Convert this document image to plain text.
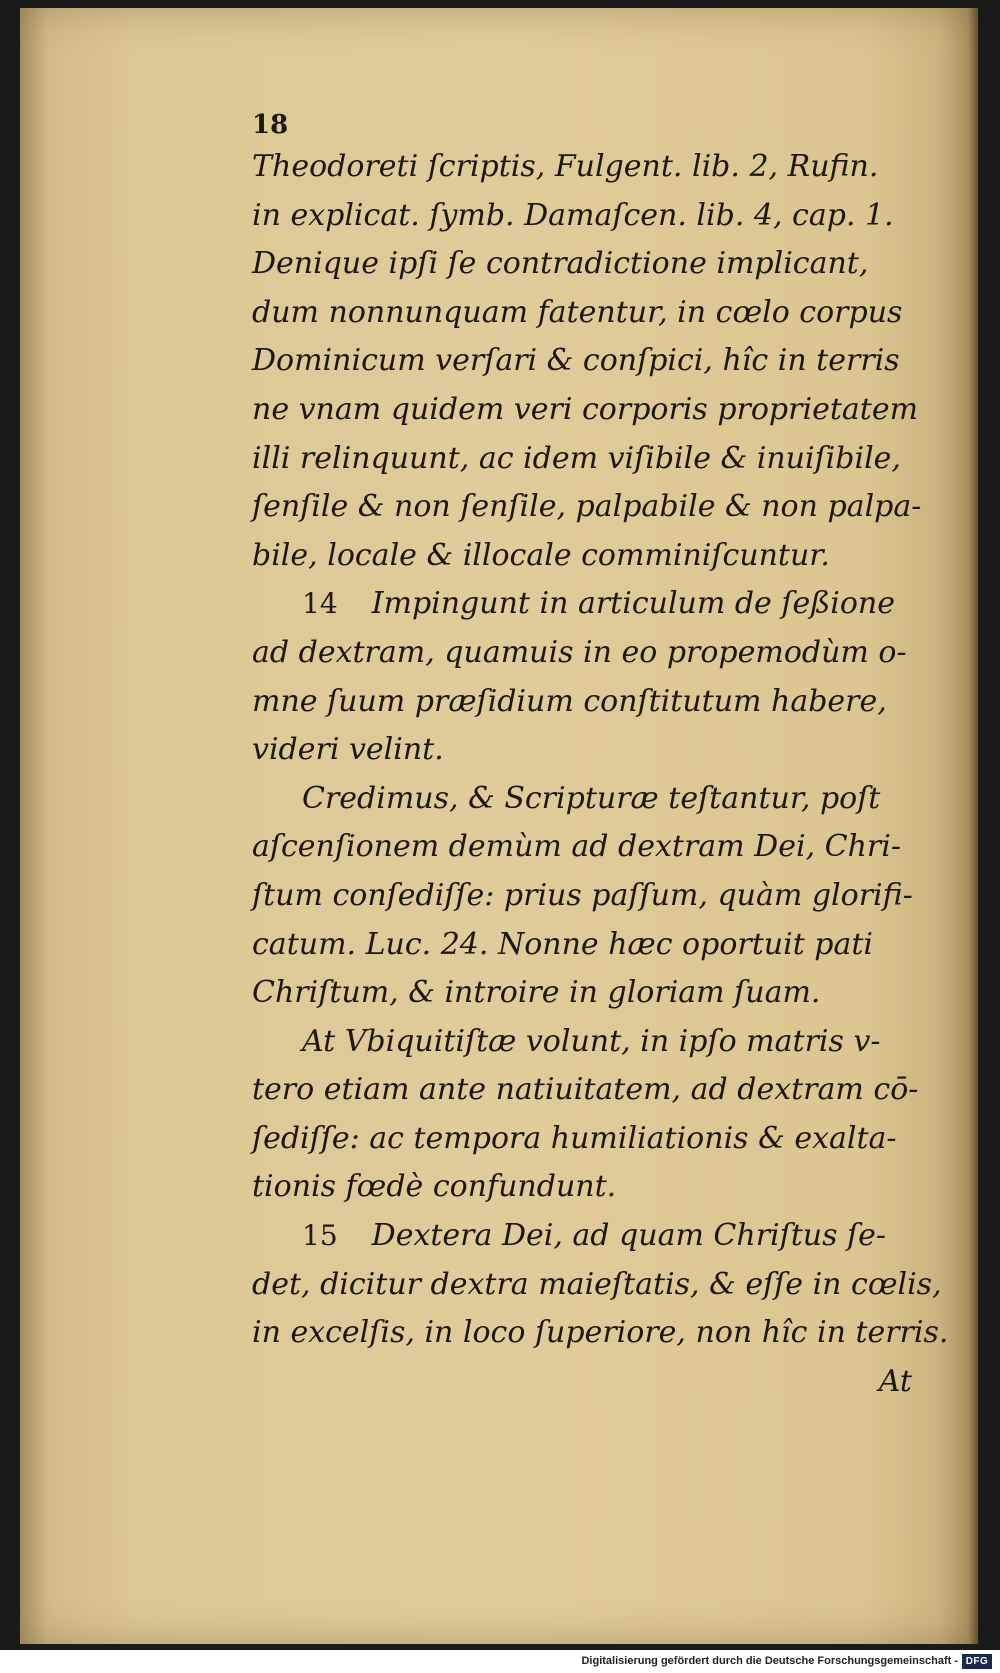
18
Theodoreti ſcriptis, Fulgent. lib. 2, Rufin.
in explicat. ſymb. Damaſcen. lib. 4, cap. 1.
Denique ipſi ſe contradictione implicant,
dum nonnunquam fatentur, in cœlo corpus
Dominicum verſari & conſpici, hîc in terris
ne vnam quidem veri corporis proprietatem
illi relinquunt, ac idem viſibile & inuiſibile,
ſenſile & non ſenſile, palpabile & non palpa-
bile, locale & illocale comminiſcuntur.
14 Impingunt in articulum de ſeßione
ad dextram, quamuis in eo propemodùm o-
mne ſuum præſidium conſtitutum habere,
videri velint.
Credimus, & Scripturæ teſtantur, poſt
aſcenſionem demùm ad dextram Dei, Chri-
ſtum conſediſſe: prius paſſum, quàm glorifi-
catum. Luc. 24. Nonne hæc oportuit pati
Chriſtum, & introire in gloriam ſuam.
At Vbiquitiſtæ volunt, in ipſo matris v-
tero etiam ante natiuitatem, ad dextram cō-
ſediſſe: ac tempora humiliationis & exalta-
tionis fœdè confundunt.
15 Dextera Dei, ad quam Chriſtus ſe-
det, dicitur dextra maieſtatis, & eſſe in cœlis,
in excelſis, in loco ſuperiore, non hîc in terris.
At
Digitalisierung gefördert durch die Deutsche Forschungsgemeinschaft - DFG
